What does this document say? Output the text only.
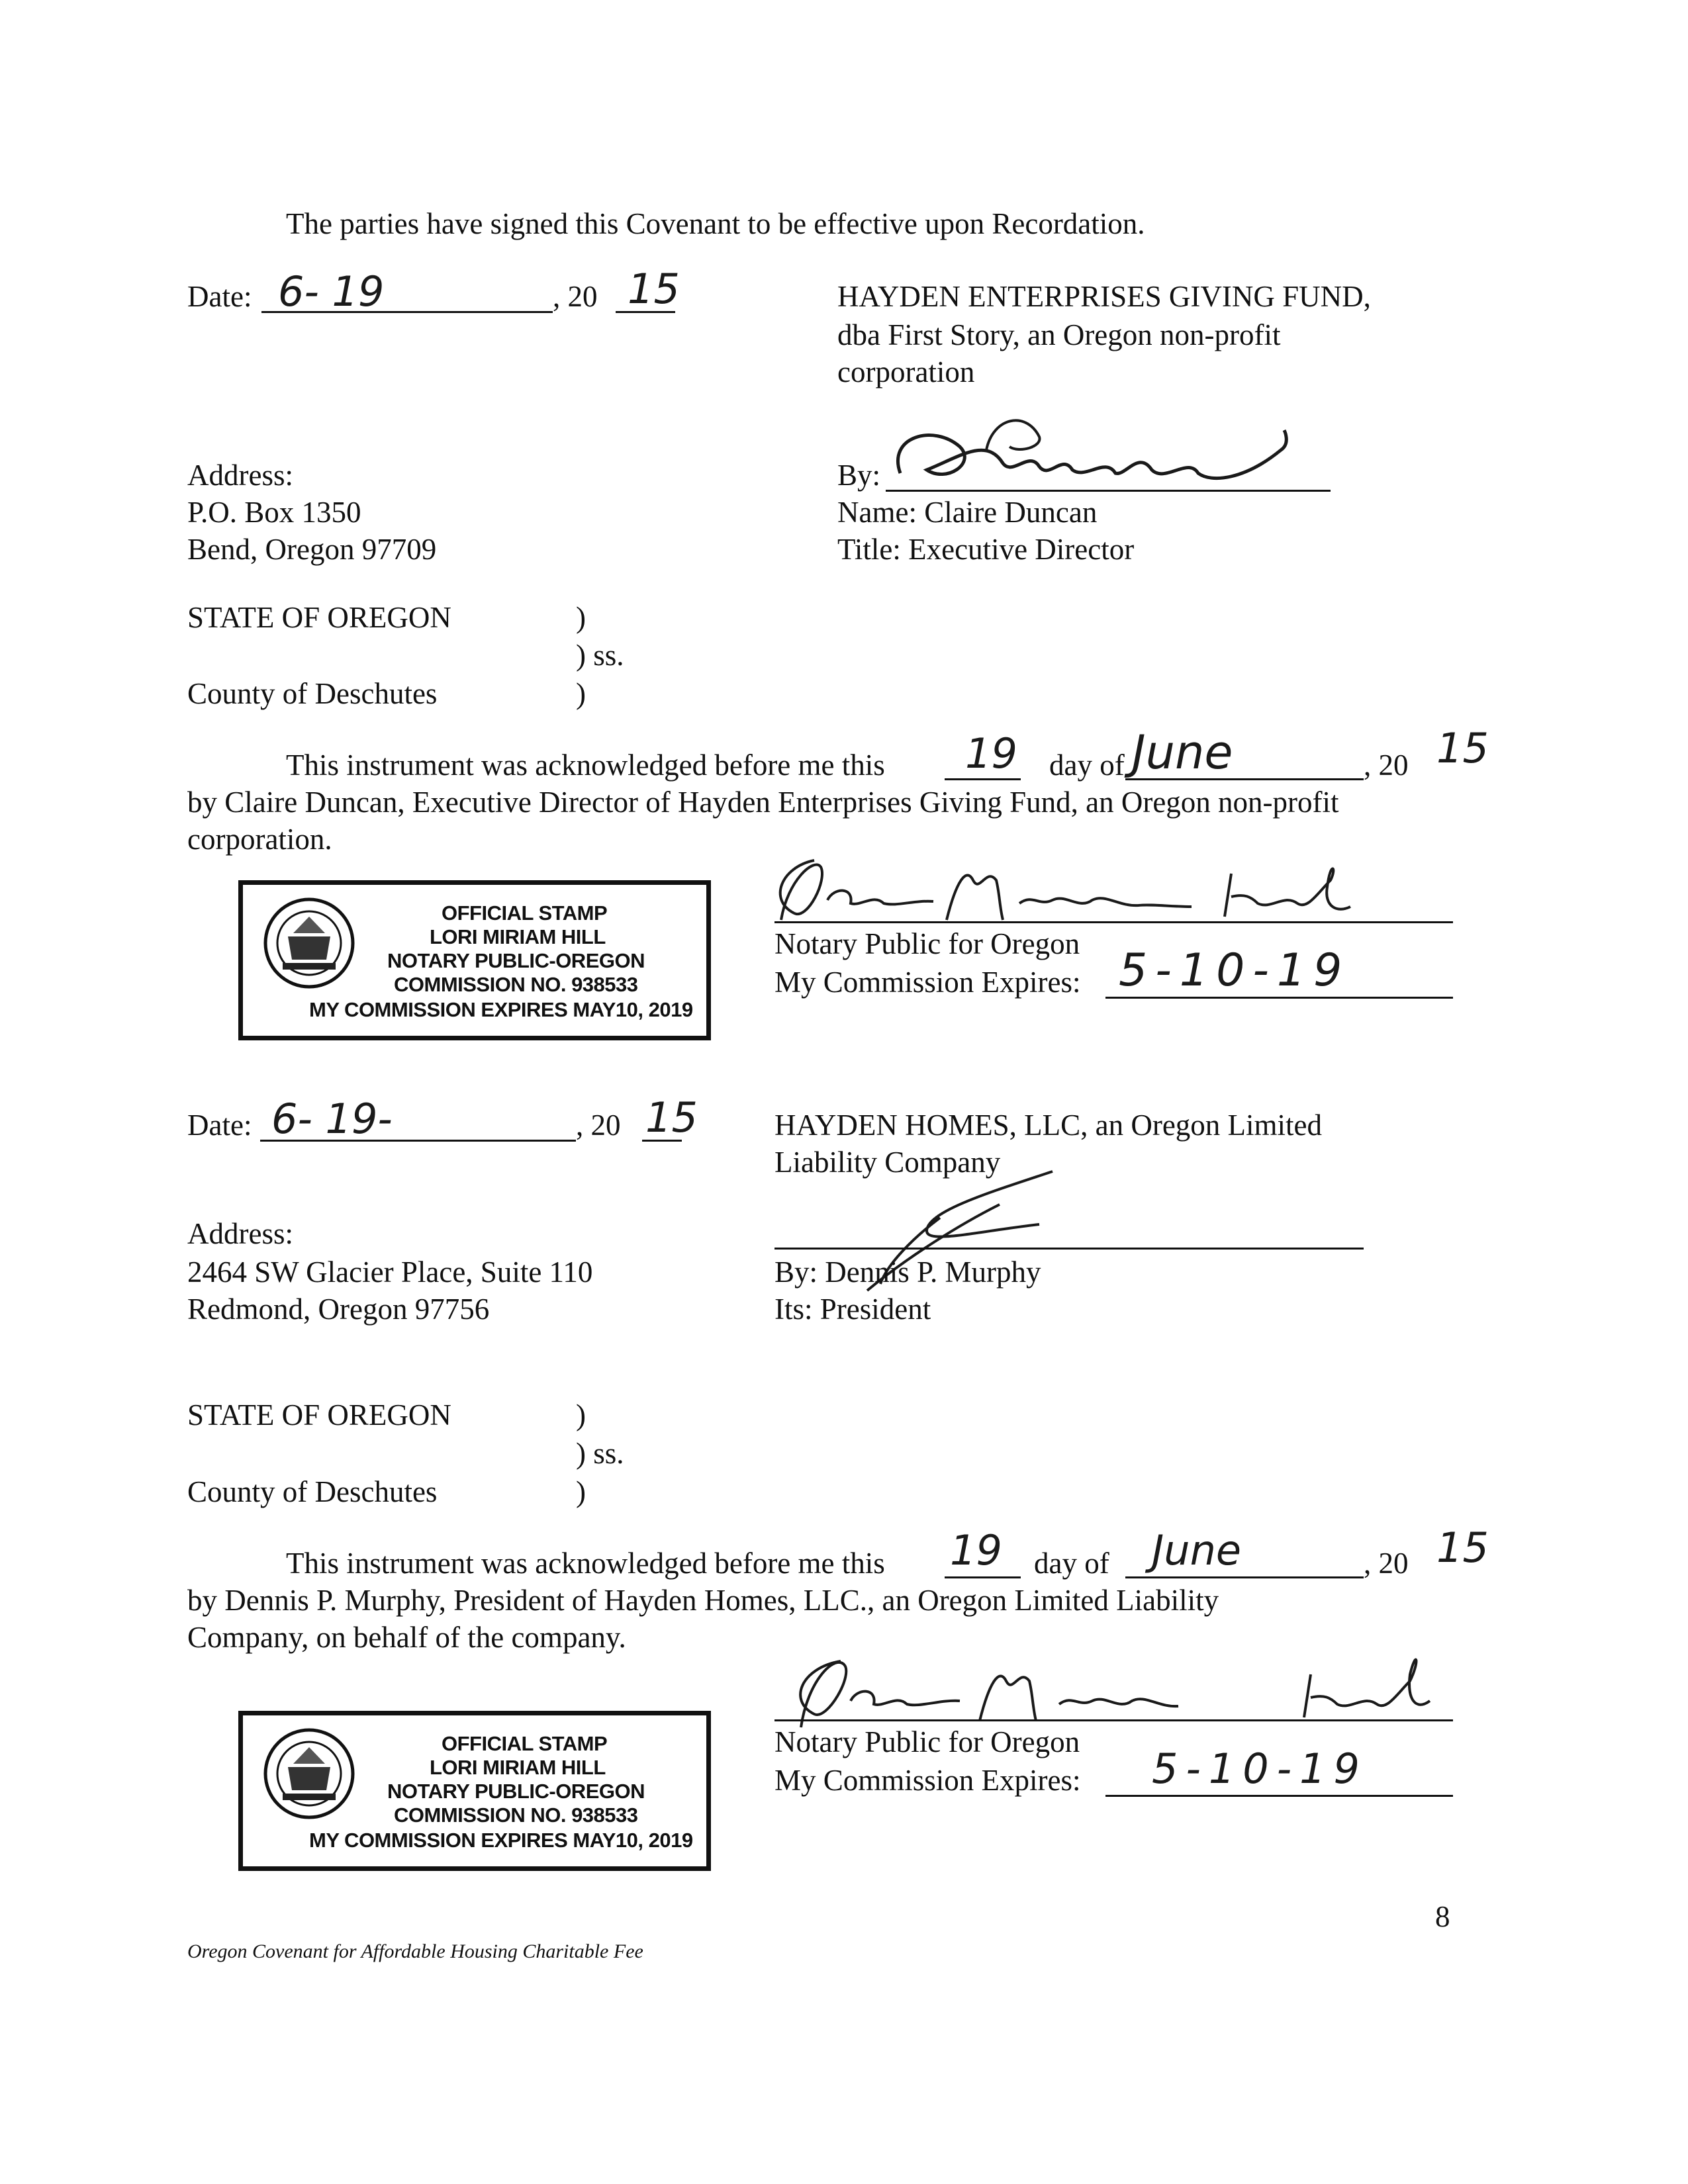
The parties have signed this Covenant to be effective upon Recordation.
Date: 6- 19	, 20 15	HAYDEN ENTERPRISES GIVING FUND,
dba First Story, an Oregon non-profit
corporation
Address:
P.O. Box 1350
Bend, Oregon 97709
By:
Name: Claire Duncan
Title: Executive Director
STATE OF OREGON	)
) ss.
County of Deschutes	)
This instrument was acknowledged before me this 19 day of June	, 20 15
by Claire Duncan, Executive Director of Hayden Enterprises Giving Fund, an Oregon non-profit
corporation.
OFFICIAL STAMP
LORI MIRIAM HILL
NOTARY PUBLIC-OREGON
COMMISSION NO. 938533
MY COMMISSION EXPIRES MAY10, 2019
Notary Public for Oregon
My Commission Expires: 5-10-19
Date: 6- 19-	, 20 15	HAYDEN HOMES, LLC, an Oregon Limited
Liability Company
Address:
2464 SW Glacier Place, Suite 110
Redmond, Oregon 97756
By: Dennis P. Murphy
Its: President
STATE OF OREGON	)
) ss.
County of Deschutes	)
This instrument was acknowledged before me this 19 day of June	, 20 15
by Dennis P. Murphy, President of Hayden Homes, LLC., an Oregon Limited Liability
Company, on behalf of the company.
OFFICIAL STAMP
LORI MIRIAM HILL
NOTARY PUBLIC-OREGON
COMMISSION NO. 938533
MY COMMISSION EXPIRES MAY10, 2019
Notary Public for Oregon
My Commission Expires: 5-10-19
8
Oregon Covenant for Affordable Housing Charitable Fee
